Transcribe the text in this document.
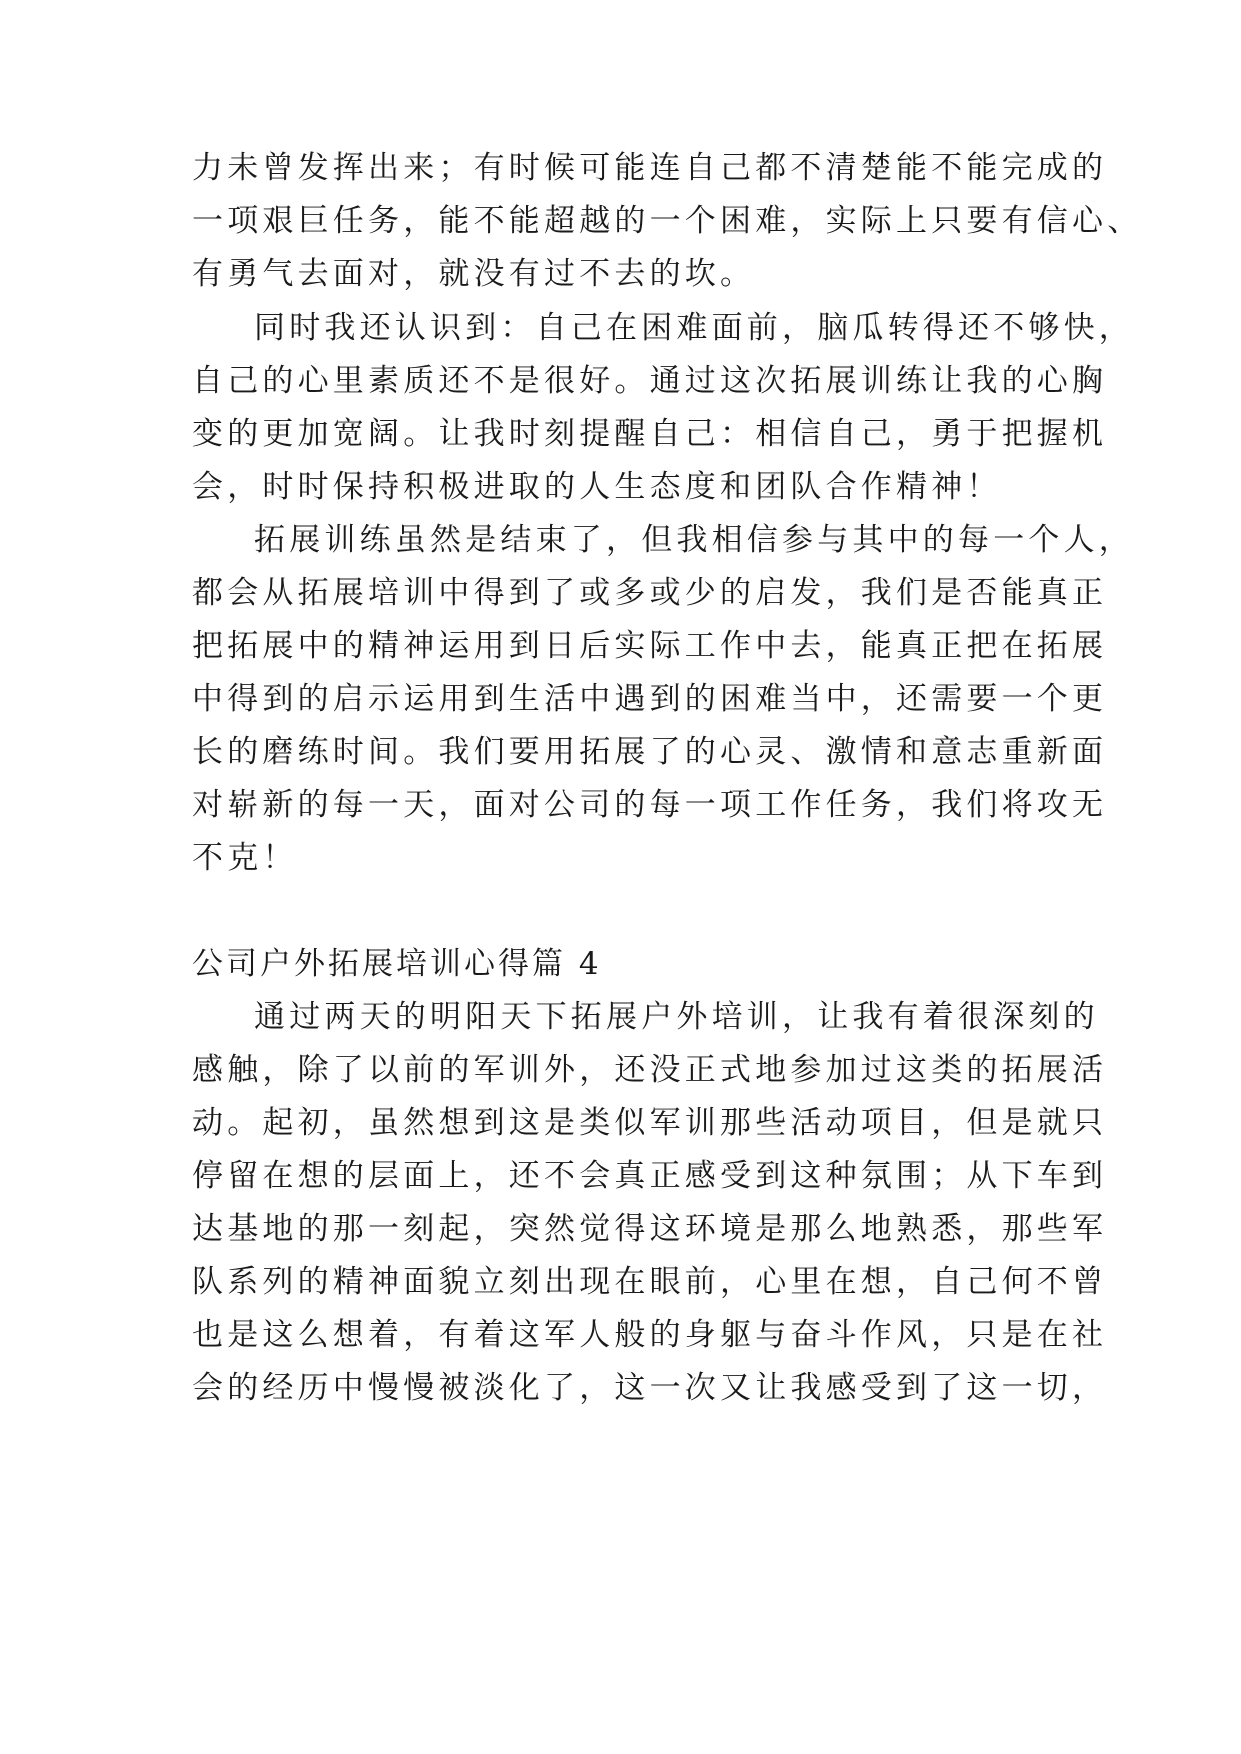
力未曾发挥出来；有时候可能连自己都不清楚能不能完成的
一项艰巨任务，能不能超越的一个困难，实际上只要有信心、
有勇气去面对，就没有过不去的坎。
同时我还认识到：自己在困难面前，脑瓜转得还不够快，
自己的心里素质还不是很好。通过这次拓展训练让我的心胸
变的更加宽阔。让我时刻提醒自己：相信自己，勇于把握机
会，时时保持积极进取的人生态度和团队合作精神！
拓展训练虽然是结束了，但我相信参与其中的每一个人，
都会从拓展培训中得到了或多或少的启发，我们是否能真正
把拓展中的精神运用到日后实际工作中去，能真正把在拓展
中得到的启示运用到生活中遇到的困难当中，还需要一个更
长的磨练时间。我们要用拓展了的心灵、激情和意志重新面
对崭新的每一天，面对公司的每一项工作任务，我们将攻无
不克！
公司户外拓展培训心得篇 4
通过两天的明阳天下拓展户外培训，让我有着很深刻的
感触，除了以前的军训外，还没正式地参加过这类的拓展活
动。起初，虽然想到这是类似军训那些活动项目，但是就只
停留在想的层面上，还不会真正感受到这种氛围；从下车到
达基地的那一刻起，突然觉得这环境是那么地熟悉，那些军
队系列的精神面貌立刻出现在眼前，心里在想，自己何不曾
也是这么想着，有着这军人般的身躯与奋斗作风，只是在社
会的经历中慢慢被淡化了，这一次又让我感受到了这一切，
